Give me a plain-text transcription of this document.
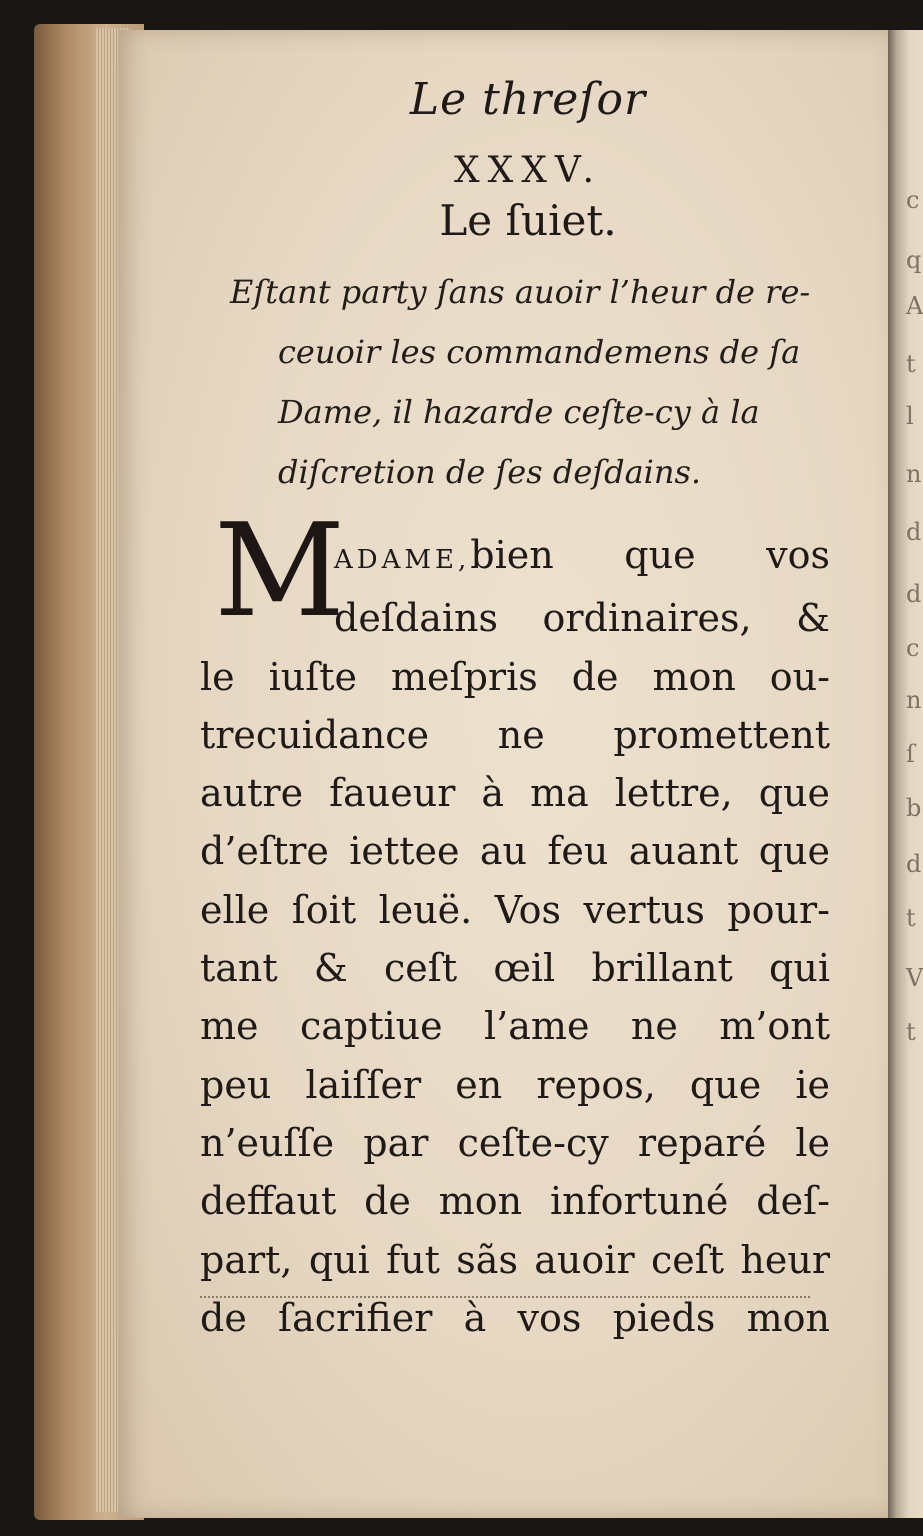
c
q
A
t
l
n
d
d
c
n
ſ
b
d
t
V
t
Le threſor
XXXV.
Le ſuiet.
Eſtant party ſans auoir l’heur de re-
ceuoir les commandemens de ſa
Dame, il hazarde ceſte-cy à la
diſcretion de ſes deſdains.
M
ADAME,bien que vos
deſdains ordinaires, &
le iuſte meſpris de mon ou-
trecuidance ne promettent
autre faueur à ma lettre, que
d’eſtre iettee au feu auant que
elle ſoit leuë. Vos vertus pour-
tant & ceſt œil brillant qui
me captiue l’ame ne m’ont
peu laiſſer en repos, que ie
n’euſſe par ceſte-cy reparé le
deffaut de mon infortuné deſ-
part, qui fut sãs auoir ceſt heur
de ſacrifier à vos pieds mon
